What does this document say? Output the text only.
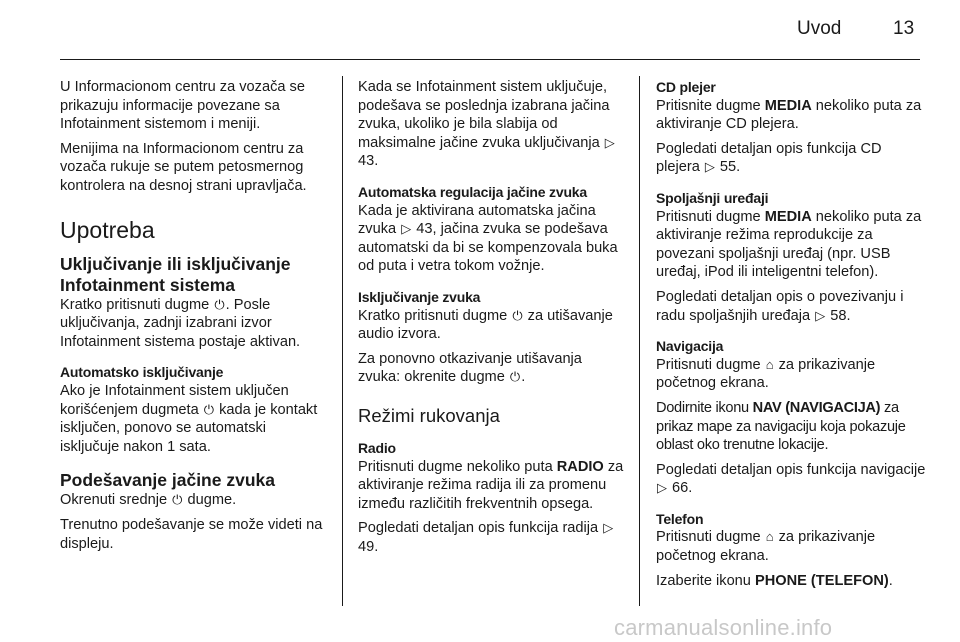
Uvod	13

U Informacionom centru za vozača se prikazuju informacije povezane sa Infotainment sistemom i meniji.

Menijima na Informacionom centru za vozača rukuje se putem petosmernog kontrolera na desnoj strani upravljača.

Upotreba
Uključivanje ili isključivanje Infotainment sistema

Kratko pritisnuti dugme ⏻. Posle uključivanja, zadnji izabrani izvor Infotainment sistema postaje aktivan.

Automatsko isključivanje

Ako je Infotainment sistem uključen korišćenjem dugmeta ⏻ kada je kontakt isključen, ponovo se automatski isključuje nakon 1 sata.

Podešavanje jačine zvuka

Okrenuti srednje ⏻ dugme.

Trenutno podešavanje se može videti na displeju.

Kada se Infotainment sistem uključuje, podešava se poslednja izabrana jačina zvuka, ukoliko je bila slabija od maksimalne jačine zvuka uključivanja ▷ 43.

Automatska regulacija jačine zvuka

Kada je aktivirana automatska jačina zvuka ▷ 43, jačina zvuka se podešava automatski da bi se kompenzovala buka od puta i vetra tokom vožnje.

Isključivanje zvuka

Kratko pritisnuti dugme ⏻ za utišavanje audio izvora.

Za ponovno otkazivanje utišavanja zvuka: okrenite dugme ⏻.

Režimi rukovanja
Radio

Pritisnuti dugme nekoliko puta RADIO za aktiviranje režima radija ili za promenu između različitih frekventnih opsega.

Pogledati detaljan opis funkcija radija ▷ 49.

CD plejer

Pritisnite dugme MEDIA nekoliko puta za aktiviranje CD plejera.

Pogledati detaljan opis funkcija CD plejera ▷ 55.

Spoljašnji uređaji

Pritisnuti dugme MEDIA nekoliko puta za aktiviranje režima reprodukcije za povezani spoljašnji uređaj (npr. USB uređaj, iPod ili inteligentni telefon).

Pogledati detaljan opis o povezivanju i radu spoljašnjih uređaja ▷ 58.

Navigacija

Pritisnuti dugme ⌂ za prikazivanje početnog ekrana.

Dodirnite ikonu NAV (NAVIGACIJA) za prikaz mape za navigaciju koja pokazuje oblast oko trenutne lokacije.

Pogledati detaljan opis funkcija navigacije ▷ 66.

Telefon

Pritisnuti dugme ⌂ za prikazivanje početnog ekrana.

Izaberite ikonu PHONE (TELEFON).

carmanualsonline.info
